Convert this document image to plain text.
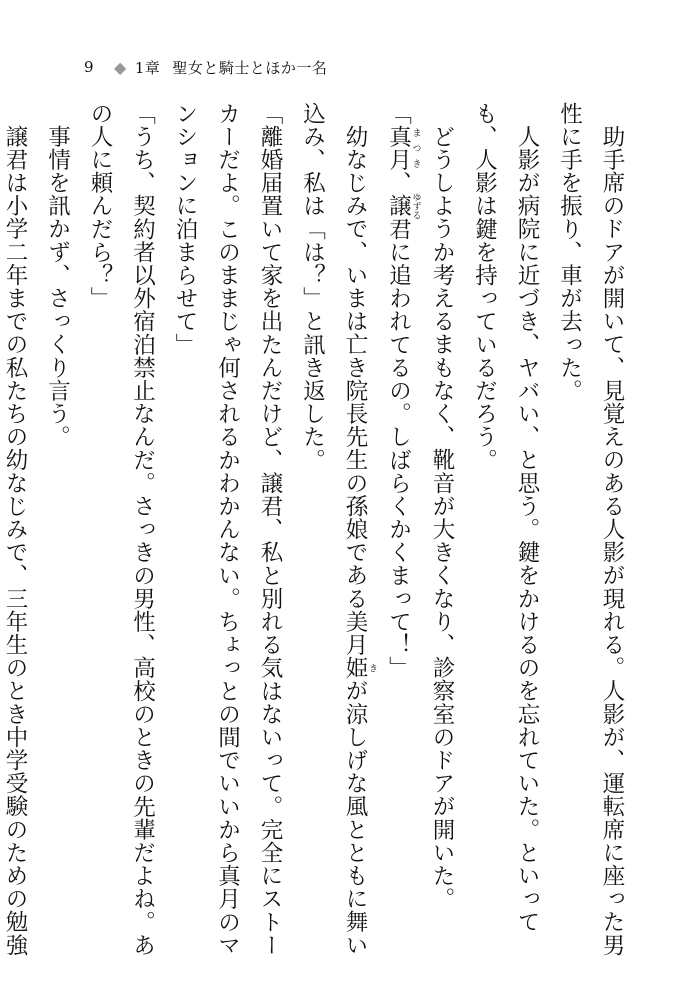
9 ◆ 1章 聖女と騎士とほか一名

助手席のドアが開いて、見覚えのある人影が現れる。人影が、運転席に座った男性に手を振り、車が去った。

人影が病院に近づき、ヤバい、と思う。鍵をかけるのを忘れていた。といっても、人影は鍵を持っているだろう。

どうしようか考えるまもなく、靴音が大きくなり、診察室のドアが開いた。

「真月 まつき、譲 ゆずる君に追われてるの。しばらくかくまって！」

幼なじみで、いまは亡き院長先生の孫娘である美月姫 きが涼しげな風とともに舞い込み、私は「は？」と訊き返した。

「離婚届置いて家を出たんだけど、譲君、私と別れる気はないって。完全にストーカーだよ。このままじゃ何されるかわかんない。ちょっとの間でいいから真月のマンションに泊まらせて」

「うち、契約者以外宿泊禁止なんだ。さっきの男性、高校のときの先輩だよね。あの人に頼んだら？」

事情を訊かず、さっくり言う。

譲君は小学二年までの私たちの幼なじみで、三年生のとき中学受験のための勉強
